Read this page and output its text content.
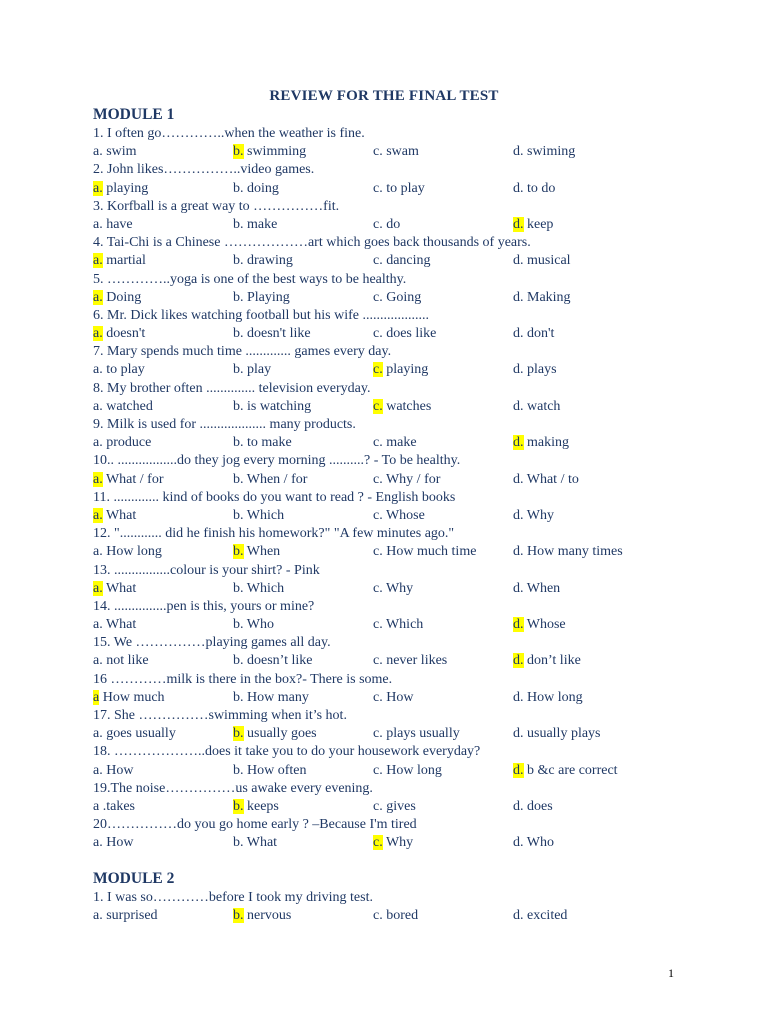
REVIEW FOR THE FINAL TEST
MODULE 1
1. I often go…………..when the weather is fine.
a. swim	b. swimming	c. swam	d. swiming
2. John likes……………..video games.
a. playing	b. doing	c. to play	d. to do
3. Korfball is a great way to ……………fit.
a. have	b. make	c. do	d. keep
4. Tai-Chi is a Chinese ………………art which goes back thousands of years.
a. martial	b. drawing	c. dancing	d. musical
5. …………..yoga is one of the best ways to be healthy.
a. Doing	b. Playing	c. Going	d. Making
6. Mr. Dick likes watching football but his wife ...................
a. doesn't	b. doesn't like	c. does like	d. don't
7. Mary spends much time ............. games every day.
a. to play	b. play	c. playing	d. plays
8. My brother often .............. television everyday.
a. watched	b. is watching	c. watches	d. watch
9. Milk is used for ................... many products.
a. produce	b. to make	c. make	d. making
10.. .................do they jog every morning ..........? - To be healthy.
a. What / for	b. When / for	c. Why / for	d. What / to
11. ............. kind of books do you want to read ? - English books
a. What	b. Which	c. Whose	d. Why
12. "............ did he finish his homework?" "A few minutes ago."
a. How long	b. When	c. How much time	d. How many times
13. ................colour is your shirt? - Pink
a. What	b. Which	c. Why	d. When
14. ...............pen is this, yours or mine?
a. What	b. Who	c. Which	d. Whose
15. We ……………playing games all day.
a. not like	b. doesn’t like	c. never likes	d. don’t like
16 …………milk is there in the box?- There is some.
a How much	b. How many	c. How	d. How long
17. She ……………swimming when it’s hot.
a. goes usually	b. usually goes	c. plays usually	d. usually plays
18. ………………..does it take you to do your housework everyday?
a. How	b. How often	c. How long	d. b &c are correct
19.The noise……………us awake every evening.
a .takes	b. keeps	c. gives	d. does
20……………do you go home early ? –Because I'm tired
a. How	b. What	c. Why	d. Who
MODULE 2
1. I was so…………before I took my driving test.
a. surprised	b. nervous	c. bored	d. excited
1
